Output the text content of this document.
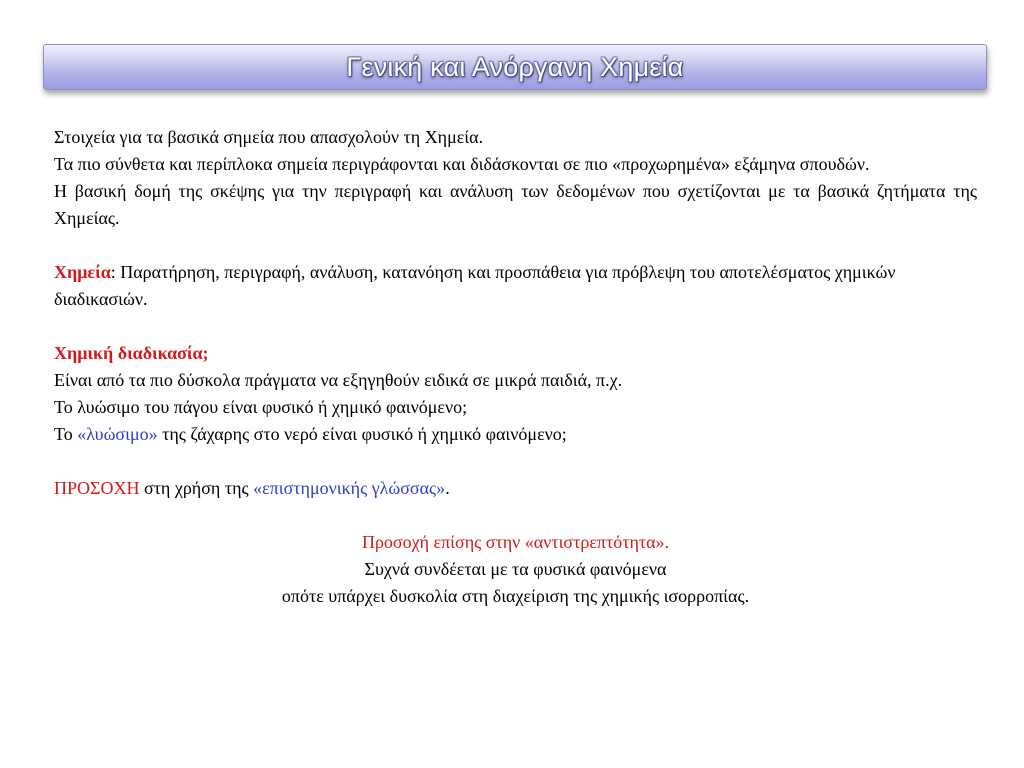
Γενική και Ανόργανη Χημεία

Στοιχεία για τα βασικά σημεία που απασχολούν τη Χημεία.

Τα πιο σύνθετα και περίπλοκα σημεία περιγράφονται και διδάσκονται σε πιο «προχωρημένα» εξάμηνα σπουδών.

Η βασική δομή της σκέψης για την περιγραφή και ανάλυση των δεδομένων που σχετίζονται με τα βασικά ζητήματα της Χημείας.

Χημεία: Παρατήρηση, περιγραφή, ανάλυση, κατανόηση και προσπάθεια για πρόβλεψη του αποτελέσματος χημικών διαδικασιών.

Χημική διαδικασία;
Είναι από τα πιο δύσκολα πράγματα να εξηγηθούν ειδικά σε μικρά παιδιά, π.χ.
Το λυώσιμο του πάγου είναι φυσικό ή χημικό φαινόμενο;
Το «λυώσιμο» της ζάχαρης στο νερό είναι φυσικό ή χημικό φαινόμενο;

ΠΡΟΣΟΧΗ στη χρήση της «επιστημονικής γλώσσας».

Προσοχή επίσης στην «αντιστρεπτότητα».
Συχνά συνδέεται με τα φυσικά φαινόμενα
οπότε υπάρχει δυσκολία στη διαχείριση της χημικής ισορροπίας.
